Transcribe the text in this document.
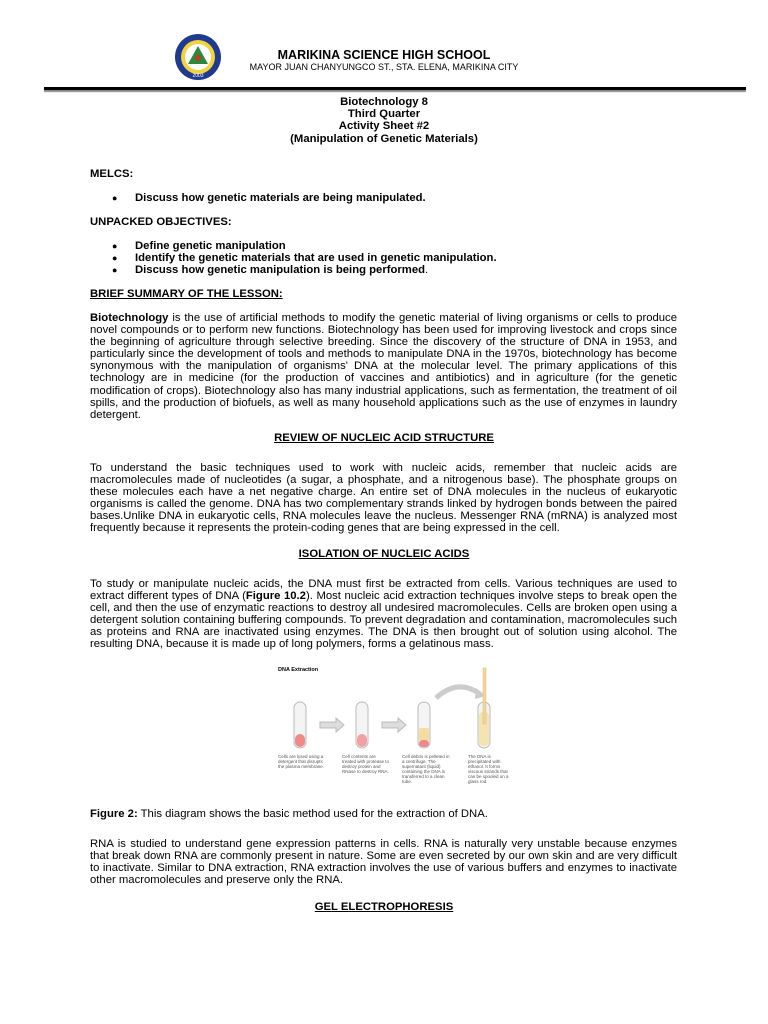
2003
MARIKINA SCIENCE HIGH SCHOOL
MAYOR JUAN CHANYUNGCO ST., STA. ELENA, MARIKINA CITY
Biotechnology 8
Third Quarter
Activity Sheet #2
(Manipulation of Genetic Materials)
MELCS:
● Discuss how genetic materials are being manipulated.
UNPACKED OBJECTIVES:
● Define genetic manipulation
● Identify the genetic materials that are used in genetic manipulation.
● Discuss how genetic manipulation is being performed.
BRIEF SUMMARY OF THE LESSON:
Biotechnology is the use of artificial methods to modify the genetic material of living organisms or cells to produce novel compounds or to perform new functions. Biotechnology has been used for improving livestock and crops since the beginning of agriculture through selective breeding. Since the discovery of the structure of DNA in 1953, and particularly since the development of tools and methods to manipulate DNA in the 1970s, biotechnology has become synonymous with the manipulation of organisms' DNA at the molecular level. The primary applications of this technology are in medicine (for the production of vaccines and antibiotics) and in agriculture (for the genetic modification of crops). Biotechnology also has many industrial applications, such as fermentation, the treatment of oil spills, and the production of biofuels, as well as many household applications such as the use of enzymes in laundry detergent.
REVIEW OF NUCLEIC ACID STRUCTURE
To understand the basic techniques used to work with nucleic acids, remember that nucleic acids are macromolecules made of nucleotides (a sugar, a phosphate, and a nitrogenous base). The phosphate groups on these molecules each have a net negative charge. An entire set of DNA molecules in the nucleus of eukaryotic organisms is called the genome. DNA has two complementary strands linked by hydrogen bonds between the paired bases.Unlike DNA in eukaryotic cells, RNA molecules leave the nucleus. Messenger RNA (mRNA) is analyzed most frequently because it represents the protein-coding genes that are being expressed in the cell.
ISOLATION OF NUCLEIC ACIDS
To study or manipulate nucleic acids, the DNA must first be extracted from cells. Various techniques are used to extract different types of DNA (Figure 10.2). Most nucleic acid extraction techniques involve steps to break open the cell, and then the use of enzymatic reactions to destroy all undesired macromolecules. Cells are broken open using a detergent solution containing buffering compounds. To prevent degradation and contamination, macromolecules such as proteins and RNA are inactivated using enzymes. The DNA is then brought out of solution using alcohol. The resulting DNA, because it is made up of long polymers, forms a gelatinous mass.
DNA Extraction
Cells are lysed using a detergent that disrupts the plasma membrane.
Cell contents are treated with protease to destroy protein and RNase to destroy RNA.
Cell debris is pelleted in a centrifuge. The supernatant (liquid) containing the DNA is transferred to a clean tube.
The DNA is precipitated with ethanol. It forms viscous strands that can be spooled on a glass rod.
Figure 2: This diagram shows the basic method used for the extraction of DNA.
RNA is studied to understand gene expression patterns in cells. RNA is naturally very unstable because enzymes that break down RNA are commonly present in nature. Some are even secreted by our own skin and are very difficult to inactivate. Similar to DNA extraction, RNA extraction involves the use of various buffers and enzymes to inactivate other macromolecules and preserve only the RNA.
GEL ELECTROPHORESIS
